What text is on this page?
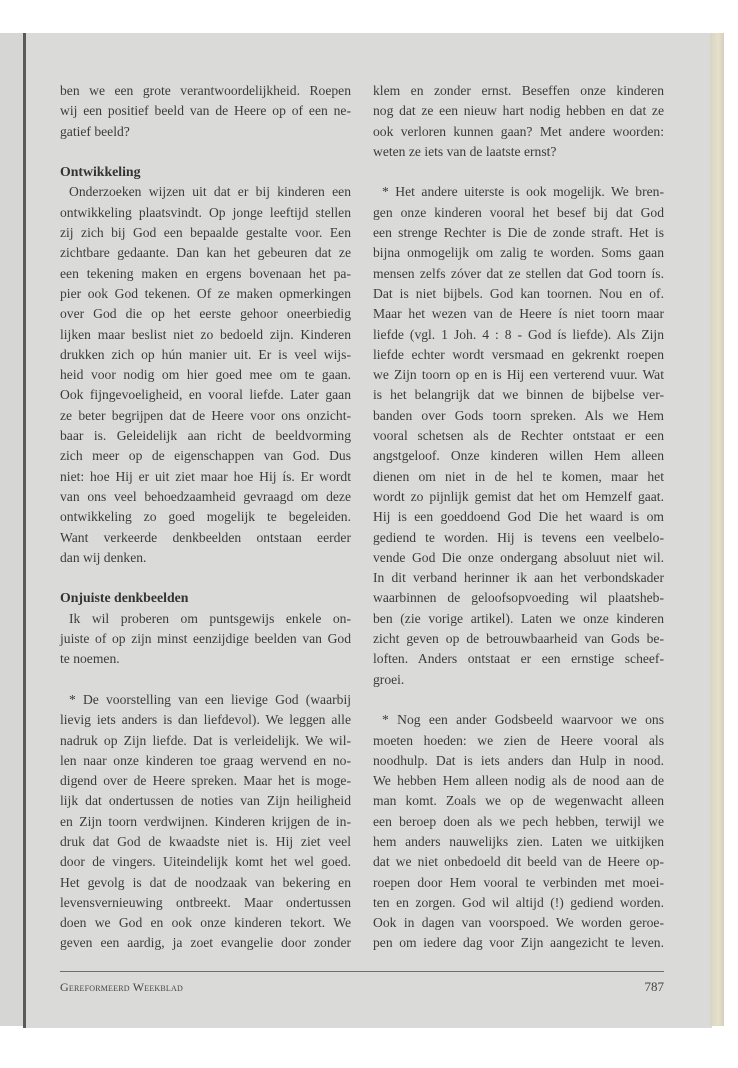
ben we een grote verantwoordelijkheid. Roepen
wij een positief beeld van de Heere op of een ne-
gatief beeld?
Ontwikkeling
Onderzoeken wijzen uit dat er bij kinderen een
ontwikkeling plaatsvindt. Op jonge leeftijd stellen
zij zich bij God een bepaalde gestalte voor. Een
zichtbare gedaante. Dan kan het gebeuren dat ze
een tekening maken en ergens bovenaan het pa-
pier ook God tekenen. Of ze maken opmerkingen
over God die op het eerste gehoor oneerbiedig
lijken maar beslist niet zo bedoeld zijn. Kinderen
drukken zich op hún manier uit. Er is veel wijs-
heid voor nodig om hier goed mee om te gaan.
Ook fijngevoeligheid, en vooral liefde. Later gaan
ze beter begrijpen dat de Heere voor ons onzicht-
baar is. Geleidelijk aan richt de beeldvorming
zich meer op de eigenschappen van God. Dus
niet: hoe Hij er uit ziet maar hoe Hij ís. Er wordt
van ons veel behoedzaamheid gevraagd om deze
ontwikkeling zo goed mogelijk te begeleiden.
Want verkeerde denkbeelden ontstaan eerder
dan wij denken.
Onjuiste denkbeelden
Ik wil proberen om puntsgewijs enkele on-
juiste of op zijn minst eenzijdige beelden van God
te noemen.
* De voorstelling van een lievige God (waarbij
lievig iets anders is dan liefdevol). We leggen alle
nadruk op Zijn liefde. Dat is verleidelijk. We wil-
len naar onze kinderen toe graag wervend en no-
digend over de Heere spreken. Maar het is moge-
lijk dat ondertussen de noties van Zijn heiligheid
en Zijn toorn verdwijnen. Kinderen krijgen de in-
druk dat God de kwaadste niet is. Hij ziet veel
door de vingers. Uiteindelijk komt het wel goed.
Het gevolg is dat de noodzaak van bekering en
levensvernieuwing ontbreekt. Maar ondertussen
doen we God en ook onze kinderen tekort. We
geven een aardig, ja zoet evangelie door zonder
klem en zonder ernst. Beseffen onze kinderen
nog dat ze een nieuw hart nodig hebben en dat ze
ook verloren kunnen gaan? Met andere woorden:
weten ze iets van de laatste ernst?
* Het andere uiterste is ook mogelijk. We bren-
gen onze kinderen vooral het besef bij dat God
een strenge Rechter is Die de zonde straft. Het is
bijna onmogelijk om zalig te worden. Soms gaan
mensen zelfs zóver dat ze stellen dat God toorn ís.
Dat is niet bijbels. God kan toornen. Nou en of.
Maar het wezen van de Heere ís niet toorn maar
liefde (vgl. 1 Joh. 4 : 8 - God ís liefde). Als Zijn
liefde echter wordt versmaad en gekrenkt roepen
we Zijn toorn op en is Hij een verterend vuur. Wat
is het belangrijk dat we binnen de bijbelse ver-
banden over Gods toorn spreken. Als we Hem
vooral schetsen als de Rechter ontstaat er een
angstgeloof. Onze kinderen willen Hem alleen
dienen om niet in de hel te komen, maar het
wordt zo pijnlijk gemist dat het om Hemzelf gaat.
Hij is een goeddoend God Die het waard is om
gediend te worden. Hij is tevens een veelbelo-
vende God Die onze ondergang absoluut niet wil.
In dit verband herinner ik aan het verbondskader
waarbinnen de geloofsopvoeding wil plaatsheb-
ben (zie vorige artikel). Laten we onze kinderen
zicht geven op de betrouwbaarheid van Gods be-
loften. Anders ontstaat er een ernstige scheef-
groei.
* Nog een ander Godsbeeld waarvoor we ons
moeten hoeden: we zien de Heere vooral als
noodhulp. Dat is iets anders dan Hulp in nood.
We hebben Hem alleen nodig als de nood aan de
man komt. Zoals we op de wegenwacht alleen
een beroep doen als we pech hebben, terwijl we
hem anders nauwelijks zien. Laten we uitkijken
dat we niet onbedoeld dit beeld van de Heere op-
roepen door Hem vooral te verbinden met moei-
ten en zorgen. God wil altijd (!) gediend worden.
Ook in dagen van voorspoed. We worden geroe-
pen om iedere dag voor Zijn aangezicht te leven.
Gereformeerd Weekblad	787
